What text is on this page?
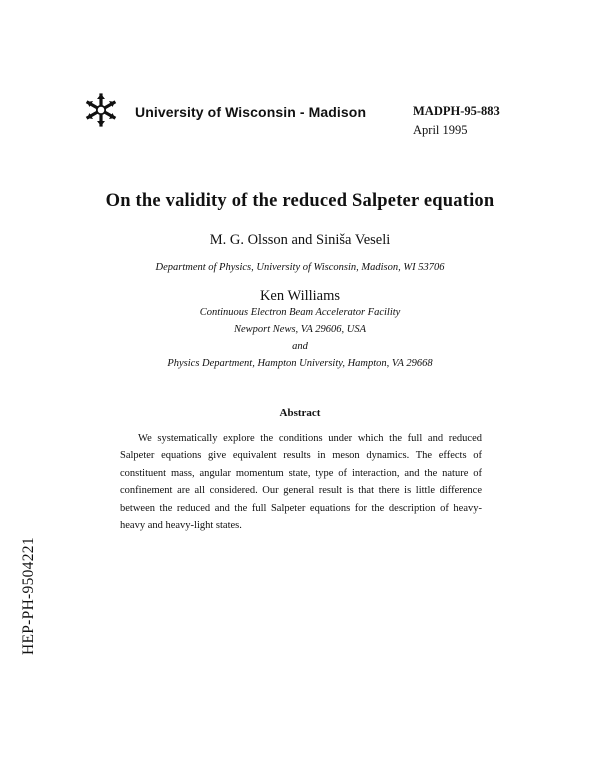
University of Wisconsin - Madison	MADPH-95-883
April 1995
On the validity of the reduced Salpeter equation
M. G. Olsson and Siniša Veseli
Department of Physics, University of Wisconsin, Madison, WI 53706
Ken Williams
Continuous Electron Beam Accelerator Facility
Newport News, VA 29606, USA
and
Physics Department, Hampton University, Hampton, VA 29668
Abstract
We systematically explore the conditions under which the full and reduced Salpeter equations give equivalent results in meson dynamics. The effects of constituent mass, angular momentum state, type of interaction, and the nature of confinement are all considered. Our general result is that there is little difference between the reduced and the full Salpeter equations for the description of heavy-heavy and heavy-light states.
HEP-PH-9504221
